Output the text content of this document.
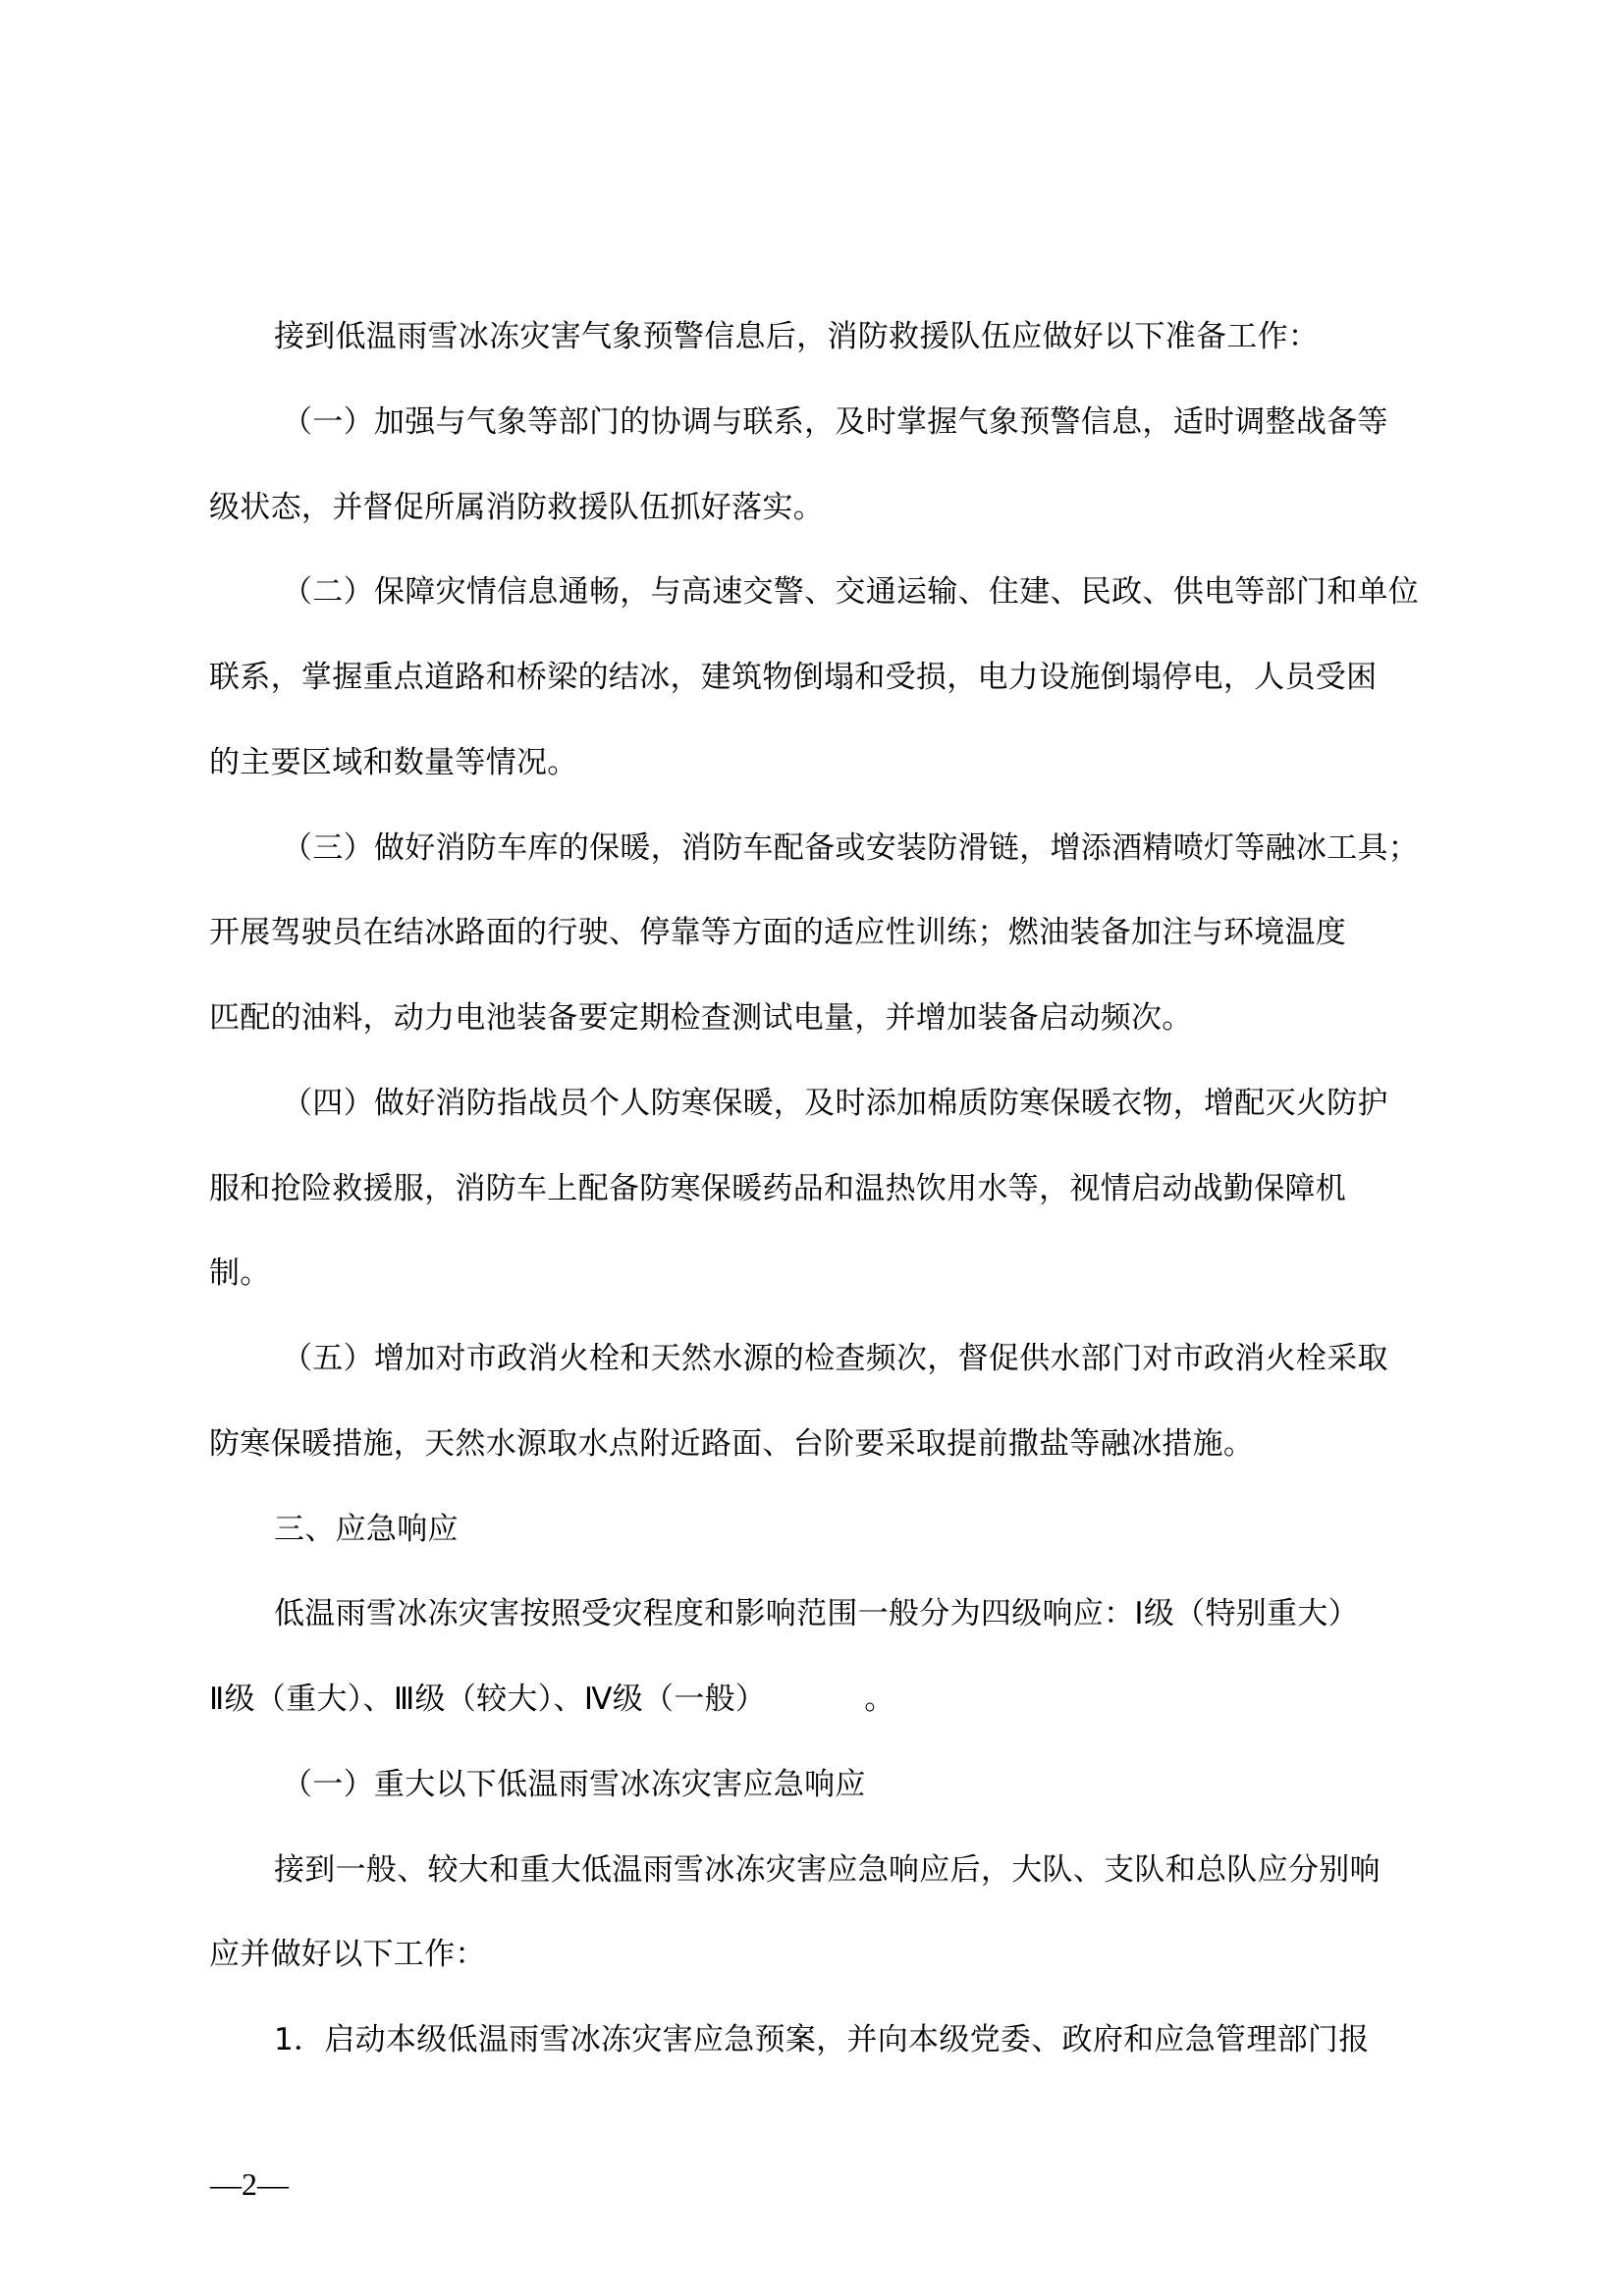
接到低温雨雪冰冻灾害气象预警信息后，消防救援队伍应做好以下准备工作：
（一）加强与气象等部门的协调与联系，及时掌握气象预警信息，适时调整战备等
级状态，并督促所属消防救援队伍抓好落实。
（二）保障灾情信息通畅，与高速交警、交通运输、住建、民政、供电等部门和单位
联系，掌握重点道路和桥梁的结冰，建筑物倒塌和受损，电力设施倒塌停电，人员受困
的主要区域和数量等情况。
（三）做好消防车库的保暖，消防车配备或安装防滑链，增添酒精喷灯等融冰工具；
开展驾驶员在结冰路面的行驶、停靠等方面的适应性训练；燃油装备加注与环境温度
匹配的油料，动力电池装备要定期检查测试电量，并增加装备启动频次。
（四）做好消防指战员个人防寒保暖，及时添加棉质防寒保暖衣物，增配灭火防护
服和抢险救援服，消防车上配备防寒保暖药品和温热饮用水等，视情启动战勤保障机
制。
（五）增加对市政消火栓和天然水源的检查频次，督促供水部门对市政消火栓采取
防寒保暖措施，天然水源取水点附近路面、台阶要采取提前撒盐等融冰措施。
三、应急响应
低温雨雪冰冻灾害按照受灾程度和影响范围一般分为四级响应：Ⅰ级（特别重大）
Ⅱ级（重大）、Ⅲ级（较大）、Ⅳ级（一般）	。
（一）重大以下低温雨雪冰冻灾害应急响应
接到一般、较大和重大低温雨雪冰冻灾害应急响应后，大队、支队和总队应分别响
应并做好以下工作：
1．启动本级低温雨雪冰冻灾害应急预案，并向本级党委、政府和应急管理部门报
—2—
